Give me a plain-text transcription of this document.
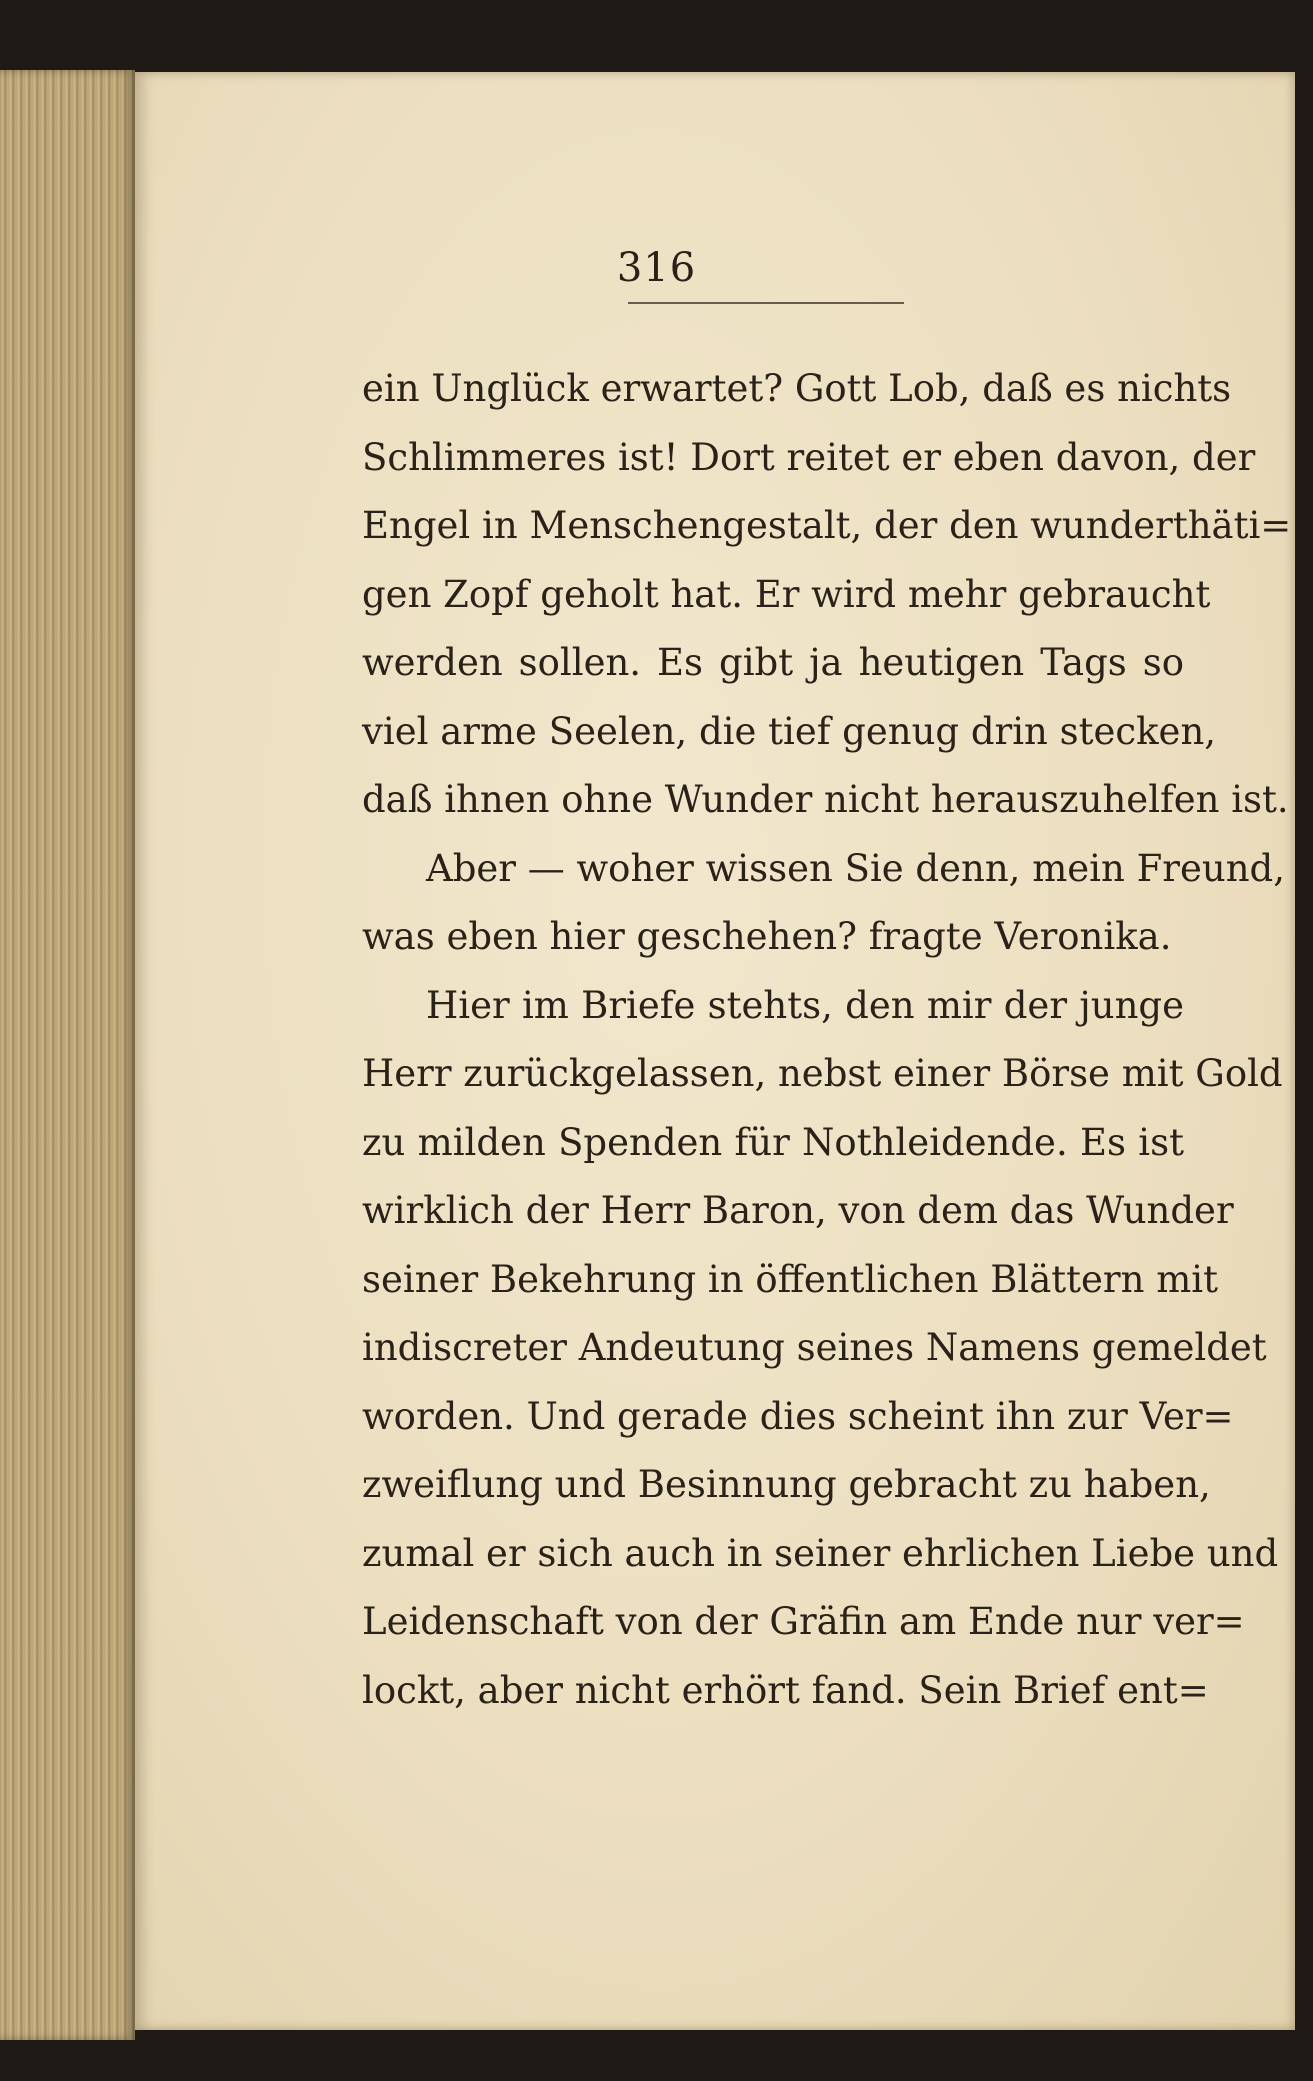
316
ein Unglück erwartet? Gott Lob, daß es nichts
Schlimmeres ist! Dort reitet er eben davon, der
Engel in Menschengestalt, der den wunderthäti=
gen Zopf geholt hat. Er wird mehr gebraucht
werden sollen. Es gibt ja heutigen Tags so
viel arme Seelen, die tief genug drin stecken,
daß ihnen ohne Wunder nicht herauszuhelfen ist.
Aber — woher wissen Sie denn, mein Freund,
was eben hier geschehen? fragte Veronika.
Hier im Briefe stehts, den mir der junge
Herr zurückgelassen, nebst einer Börse mit Gold
zu milden Spenden für Nothleidende. Es ist
wirklich der Herr Baron, von dem das Wunder
seiner Bekehrung in öffentlichen Blättern mit
indiscreter Andeutung seines Namens gemeldet
worden. Und gerade dies scheint ihn zur Ver=
zweiflung und Besinnung gebracht zu haben,
zumal er sich auch in seiner ehrlichen Liebe und
Leidenschaft von der Gräfin am Ende nur ver=
lockt, aber nicht erhört fand. Sein Brief ent=
